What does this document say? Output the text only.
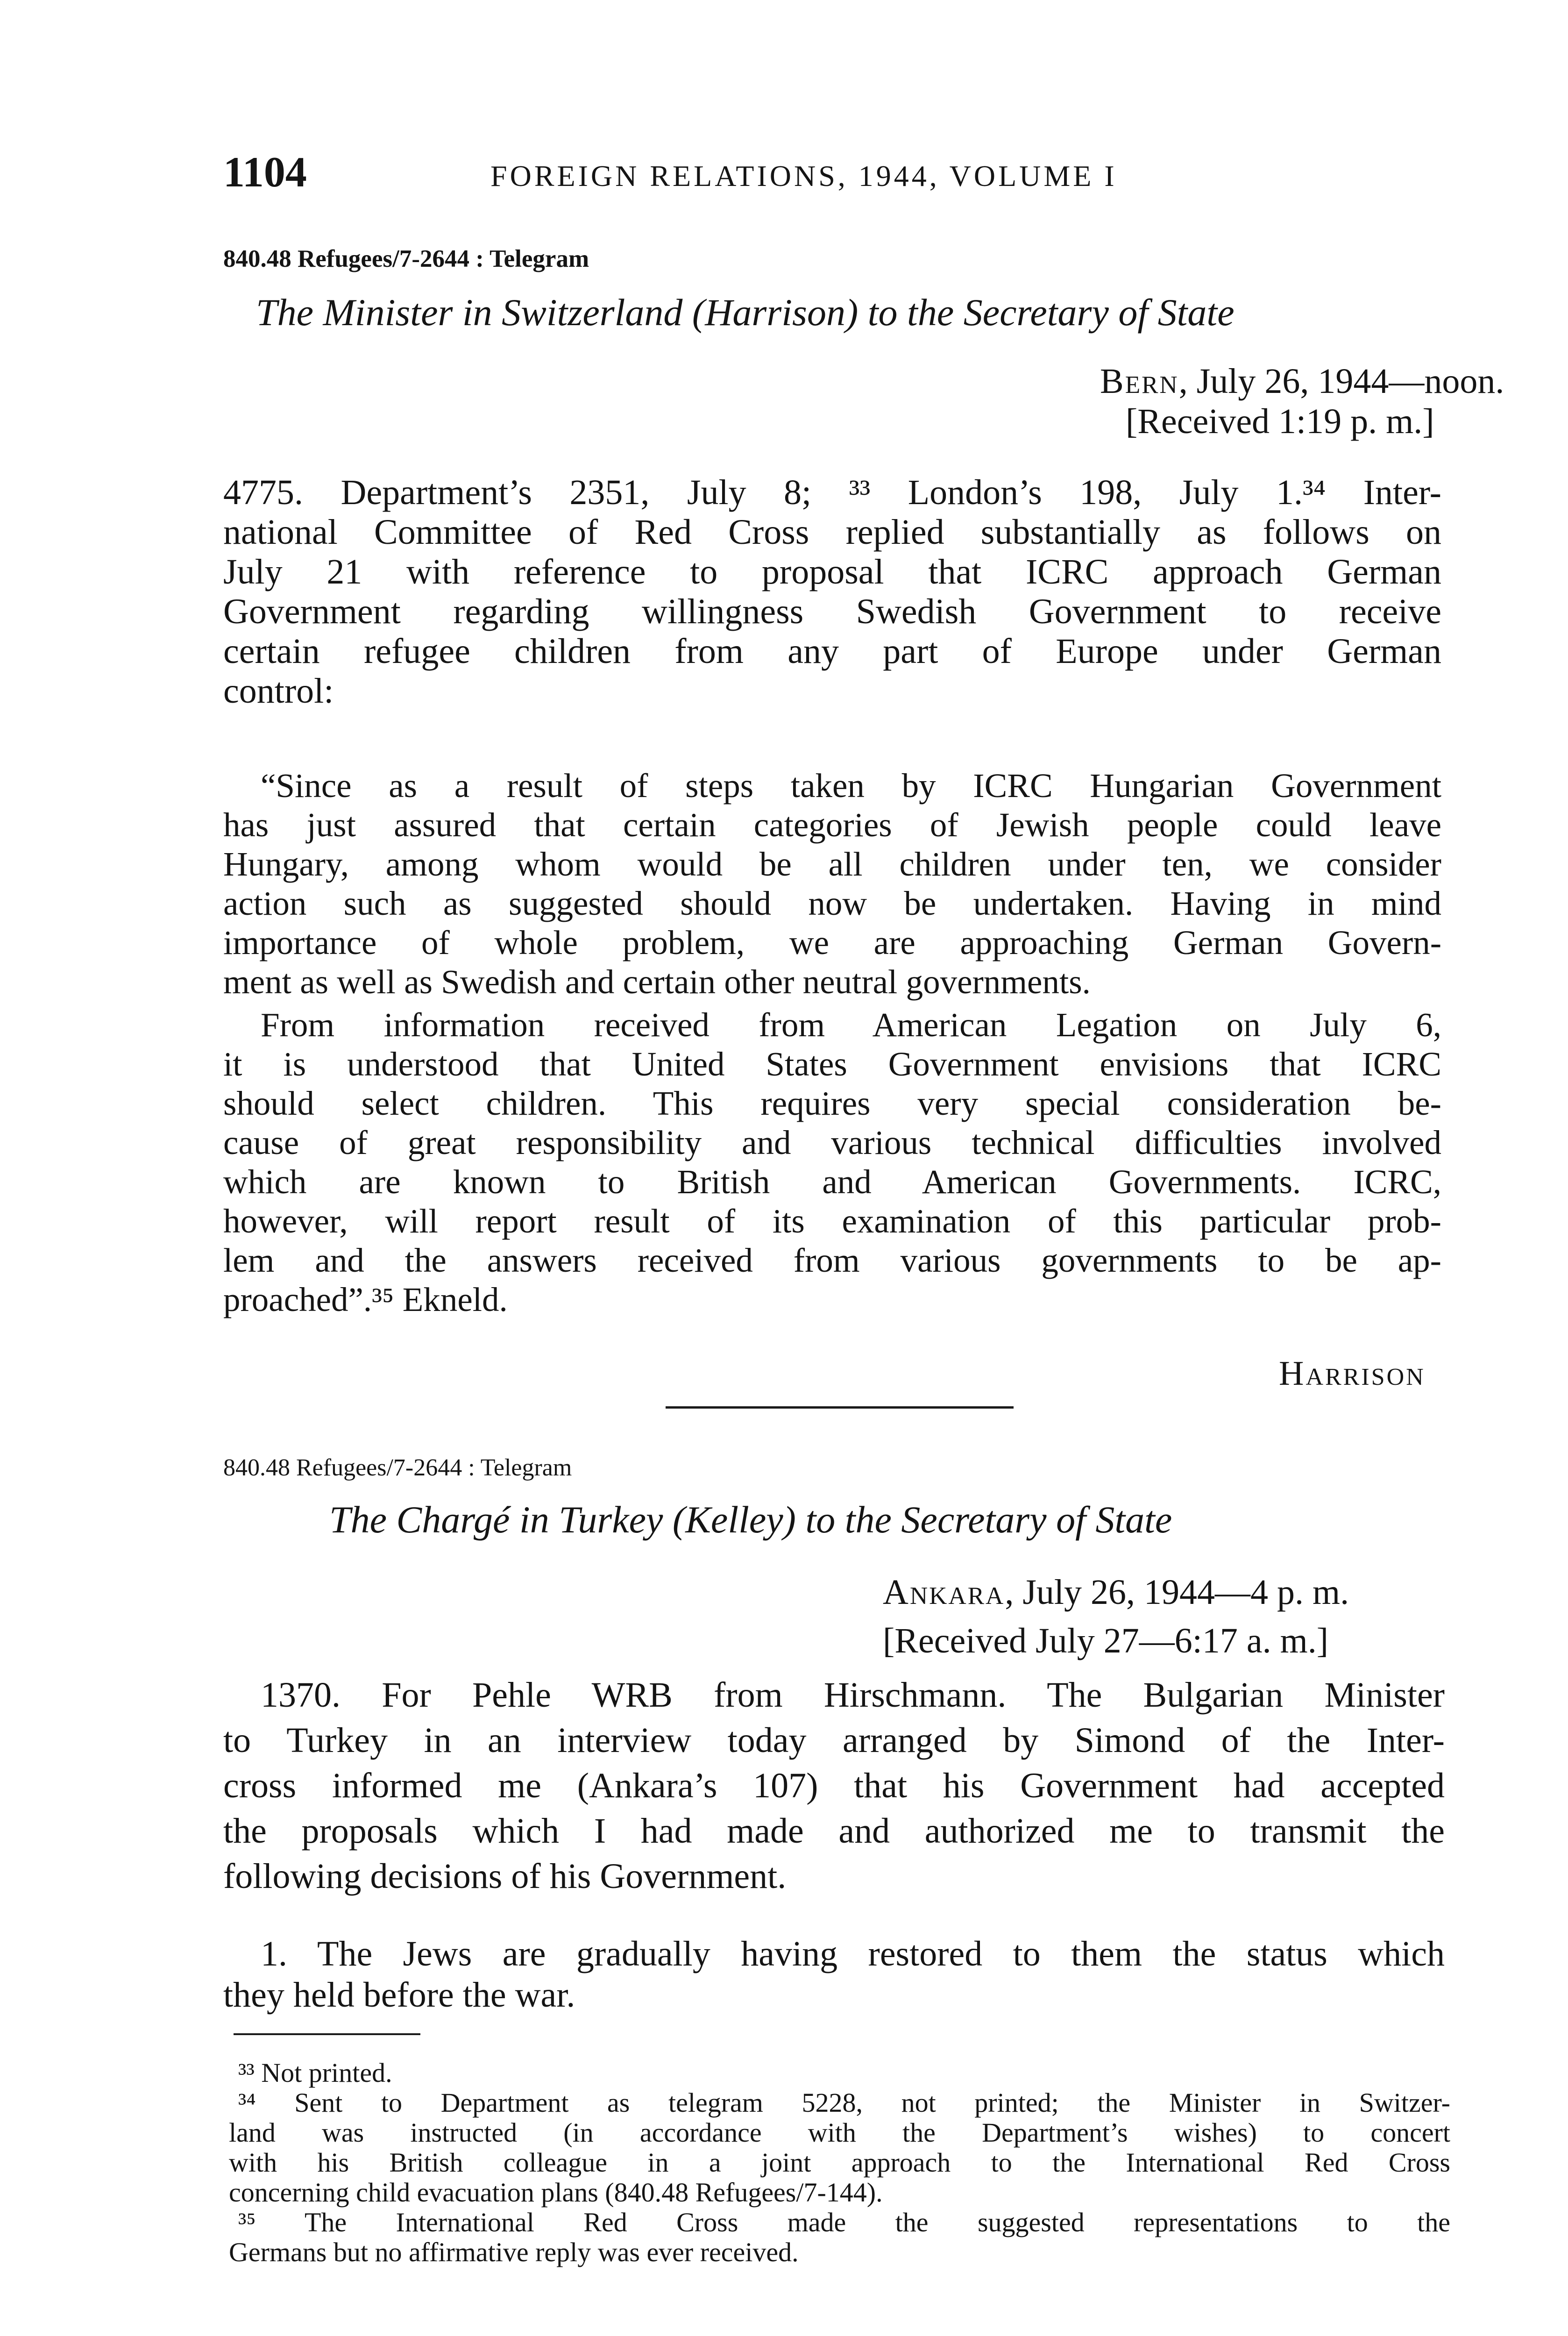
1104	FOREIGN RELATIONS, 1944, VOLUME I
840.48 Refugees/7-2644 : Telegram
The Minister in Switzerland (Harrison) to the Secretary of State
Bern, July 26, 1944—noon.
[Received 1:19 p. m.]
4775. Department’s 2351, July 8; ³³ London’s 198, July 1.³⁴ Inter-
national Committee of Red Cross replied substantially as follows on
July 21 with reference to proposal that ICRC approach German
Government regarding willingness Swedish Government to receive
certain refugee children from any part of Europe under German
control:
“Since as a result of steps taken by ICRC Hungarian Government
has just assured that certain categories of Jewish people could leave
Hungary, among whom would be all children under ten, we consider
action such as suggested should now be undertaken. Having in mind
importance of whole problem, we are approaching German Govern-
ment as well as Swedish and certain other neutral governments.
From information received from American Legation on July 6,
it is understood that United States Government envisions that ICRC
should select children. This requires very special consideration be-
cause of great responsibility and various technical difficulties involved
which are known to British and American Governments. ICRC,
however, will report result of its examination of this particular prob-
lem and the answers received from various governments to be ap-
proached”.³⁵ Ekneld.
Harrison
840.48 Refugees/7-2644 : Telegram
The Chargé in Turkey (Kelley) to the Secretary of State
Ankara, July 26, 1944—4 p. m.
[Received July 27—6:17 a. m.]
1370. For Pehle WRB from Hirschmann. The Bulgarian Minister
to Turkey in an interview today arranged by Simond of the Inter-
cross informed me (Ankara’s 107) that his Government had accepted
the proposals which I had made and authorized me to transmit the
following decisions of his Government.
1. The Jews are gradually having restored to them the status which
they held before the war.
³³ Not printed.
³⁴ Sent to Department as telegram 5228, not printed; the Minister in Switzer-
land was instructed (in accordance with the Department’s wishes) to concert
with his British colleague in a joint approach to the International Red Cross
concerning child evacuation plans (840.48 Refugees/7-144).
³⁵ The International Red Cross made the suggested representations to the
Germans but no affirmative reply was ever received.
